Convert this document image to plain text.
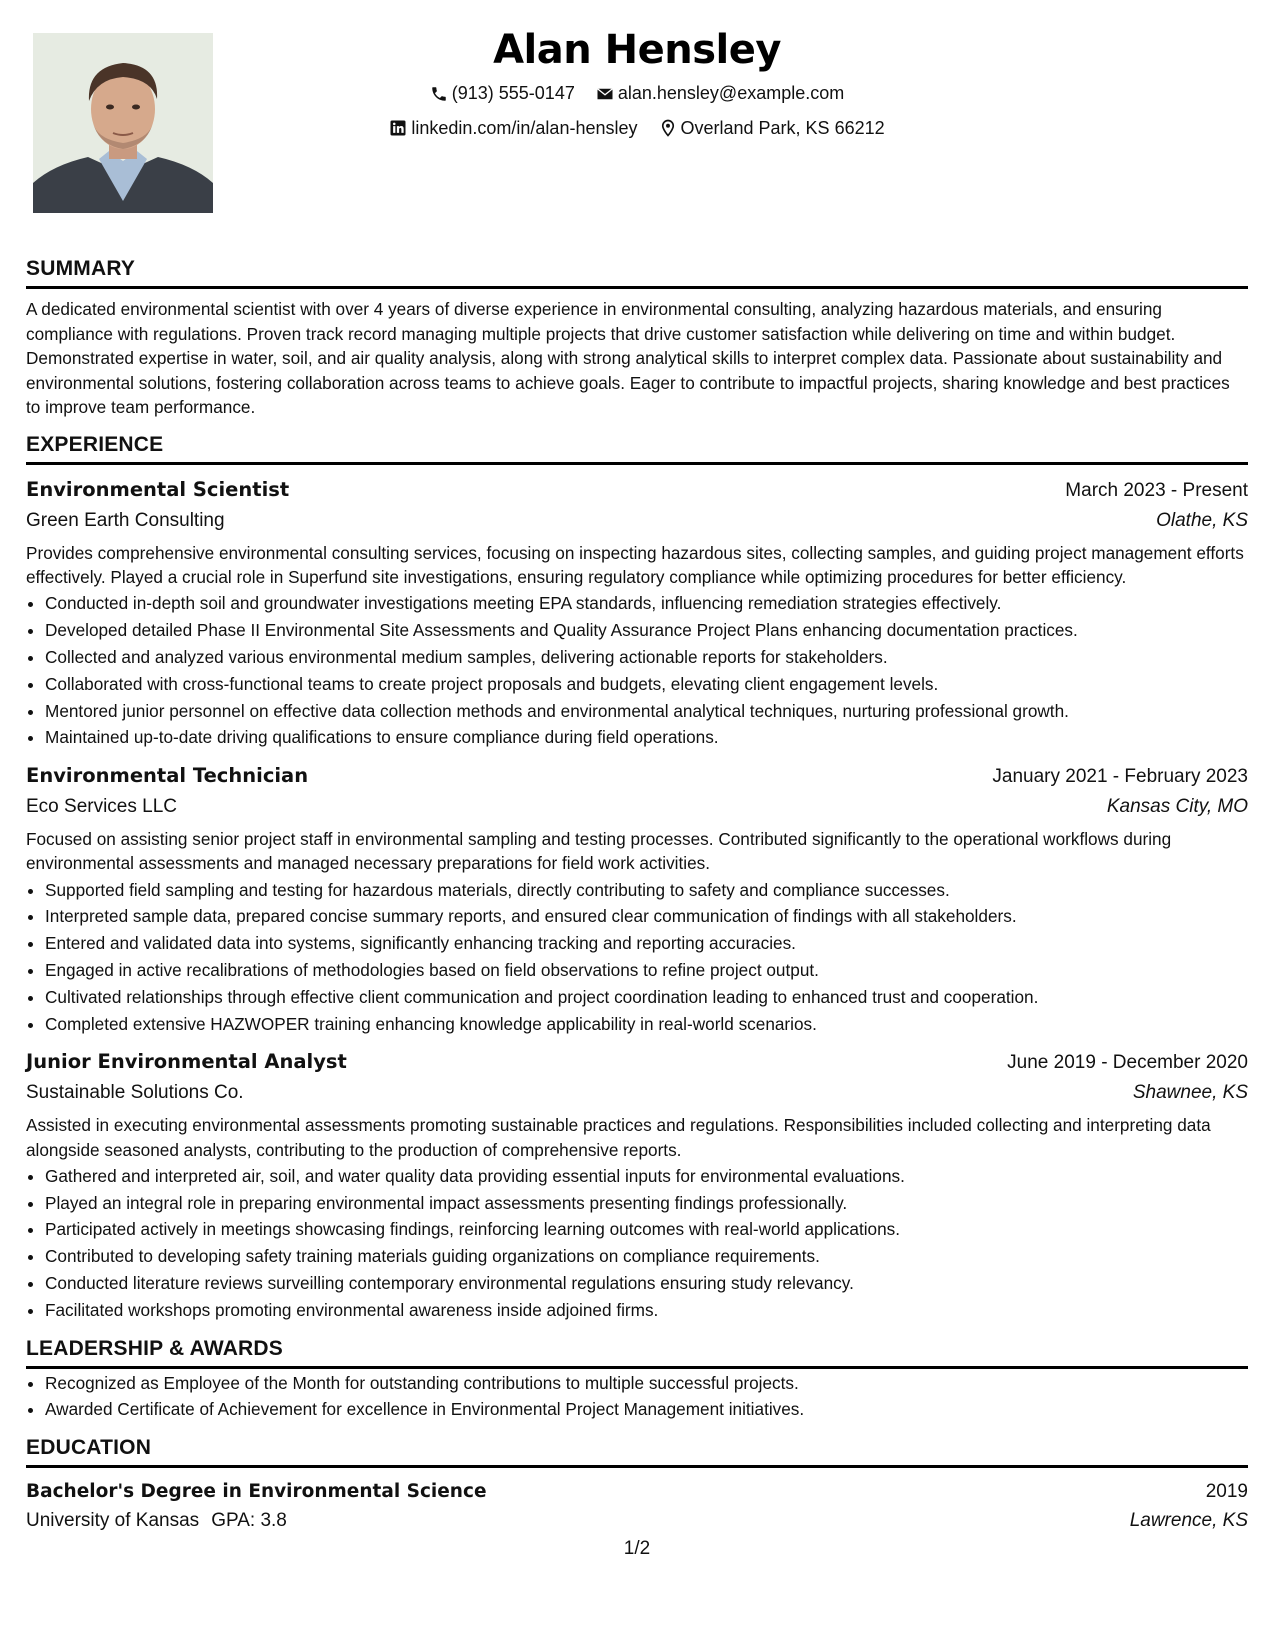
Alan Hensley
(913) 555-0147
alan.hensley@example.com
linkedin.com/in/alan-hensley
Overland Park, KS 66212
SUMMARY
A dedicated environmental scientist with over 4 years of diverse experience in environmental consulting, analyzing hazardous materials, and ensuring compliance with regulations. Proven track record managing multiple projects that drive customer satisfaction while delivering on time and within budget. Demonstrated expertise in water, soil, and air quality analysis, along with strong analytical skills to interpret complex data. Passionate about sustainability and environmental solutions, fostering collaboration across teams to achieve goals. Eager to contribute to impactful projects, sharing knowledge and best practices to improve team performance.
EXPERIENCE
Environmental Scientist	March 2023 - Present
Green Earth Consulting	Olathe, KS
Provides comprehensive environmental consulting services, focusing on inspecting hazardous sites, collecting samples, and guiding project management efforts effectively. Played a crucial role in Superfund site investigations, ensuring regulatory compliance while optimizing procedures for better efficiency.
• Conducted in-depth soil and groundwater investigations meeting EPA standards, influencing remediation strategies effectively.
• Developed detailed Phase II Environmental Site Assessments and Quality Assurance Project Plans enhancing documentation practices.
• Collected and analyzed various environmental medium samples, delivering actionable reports for stakeholders.
• Collaborated with cross-functional teams to create project proposals and budgets, elevating client engagement levels.
• Mentored junior personnel on effective data collection methods and environmental analytical techniques, nurturing professional growth.
• Maintained up-to-date driving qualifications to ensure compliance during field operations.
Environmental Technician	January 2021 - February 2023
Eco Services LLC	Kansas City, MO
Focused on assisting senior project staff in environmental sampling and testing processes. Contributed significantly to the operational workflows during environmental assessments and managed necessary preparations for field work activities.
• Supported field sampling and testing for hazardous materials, directly contributing to safety and compliance successes.
• Interpreted sample data, prepared concise summary reports, and ensured clear communication of findings with all stakeholders.
• Entered and validated data into systems, significantly enhancing tracking and reporting accuracies.
• Engaged in active recalibrations of methodologies based on field observations to refine project output.
• Cultivated relationships through effective client communication and project coordination leading to enhanced trust and cooperation.
• Completed extensive HAZWOPER training enhancing knowledge applicability in real-world scenarios.
Junior Environmental Analyst	June 2019 - December 2020
Sustainable Solutions Co.	Shawnee, KS
Assisted in executing environmental assessments promoting sustainable practices and regulations. Responsibilities included collecting and interpreting data alongside seasoned analysts, contributing to the production of comprehensive reports.
• Gathered and interpreted air, soil, and water quality data providing essential inputs for environmental evaluations.
• Played an integral role in preparing environmental impact assessments presenting findings professionally.
• Participated actively in meetings showcasing findings, reinforcing learning outcomes with real-world applications.
• Contributed to developing safety training materials guiding organizations on compliance requirements.
• Conducted literature reviews surveilling contemporary environmental regulations ensuring study relevancy.
• Facilitated workshops promoting environmental awareness inside adjoined firms.
LEADERSHIP & AWARDS
• Recognized as Employee of the Month for outstanding contributions to multiple successful projects.
• Awarded Certificate of Achievement for excellence in Environmental Project Management initiatives.
EDUCATION
Bachelor's Degree in Environmental Science	2019
University of Kansas GPA: 3.8	Lawrence, KS
1/2
